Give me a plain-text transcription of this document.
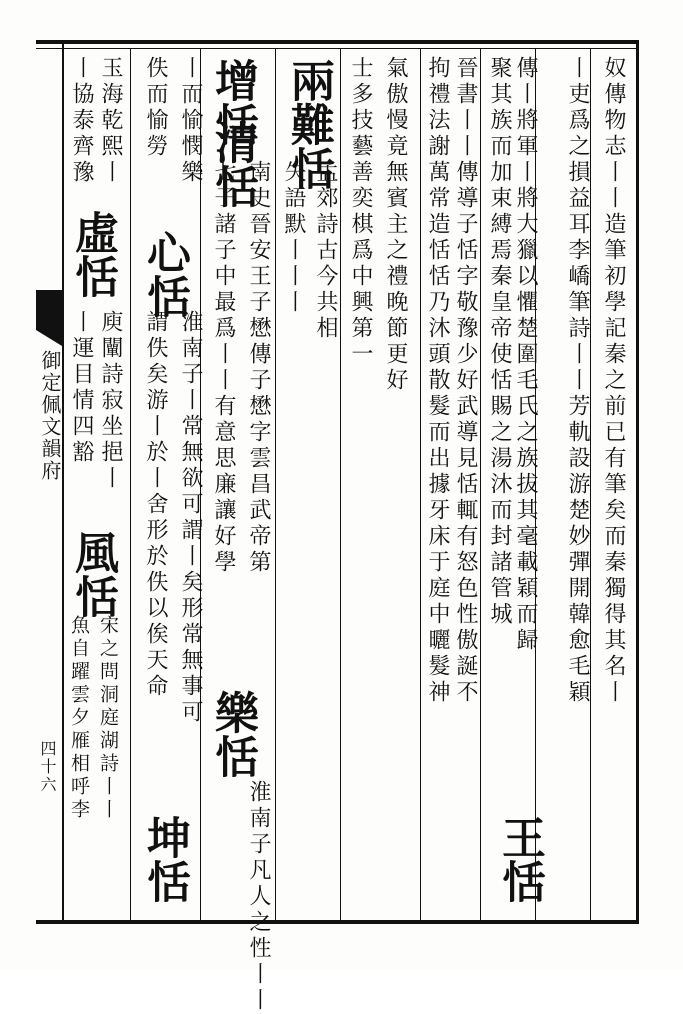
御定佩文韻府
四十六
奴傳物志丨丨造筆初學記秦之前已有筆矣而秦獨得其名丨
丨吏爲之損益耳李嶠筆詩丨丨芳軌設游楚妙彈開韓愈毛穎
傳丨將軍丨將大獵以懼楚圍毛氏之族拔其毫載穎而歸
聚其族而加束縛焉秦皇帝使恬賜之湯沐而封諸管城
晉書丨丨傳導子恬字敬豫少好武導見恬輒有怒色性傲誕不
拘禮法謝萬常造恬恬乃沐頭散髮而出據牙床于庭中曬髮神
氣傲慢竟無賓主之禮晚節更好
士多技藝善奕棋爲中興第一
孟郊詩古今共相
失語默丨丨丨
南史晉安王子懋傳子懋字雲昌武帝第
七子諸子中最爲丨丨有意思廉讓好學
淮南子凡人之性丨丨
丨而愉憫樂
淮南子丨常無欲可謂丨矣形常無事可
謂佚矣游丨於丨舍形於佚以俟天命
佚而愉勞
玉海乾熙丨
丨協泰齊豫
庾闡詩寂坐挹丨
丨運目情四豁
宋之問洞庭湖詩丨丨
魚自躍雲夕雁相呼李
兩難恬
增恬
清恬
樂恬
心恬
虛恬
風恬
王恬
坤恬
